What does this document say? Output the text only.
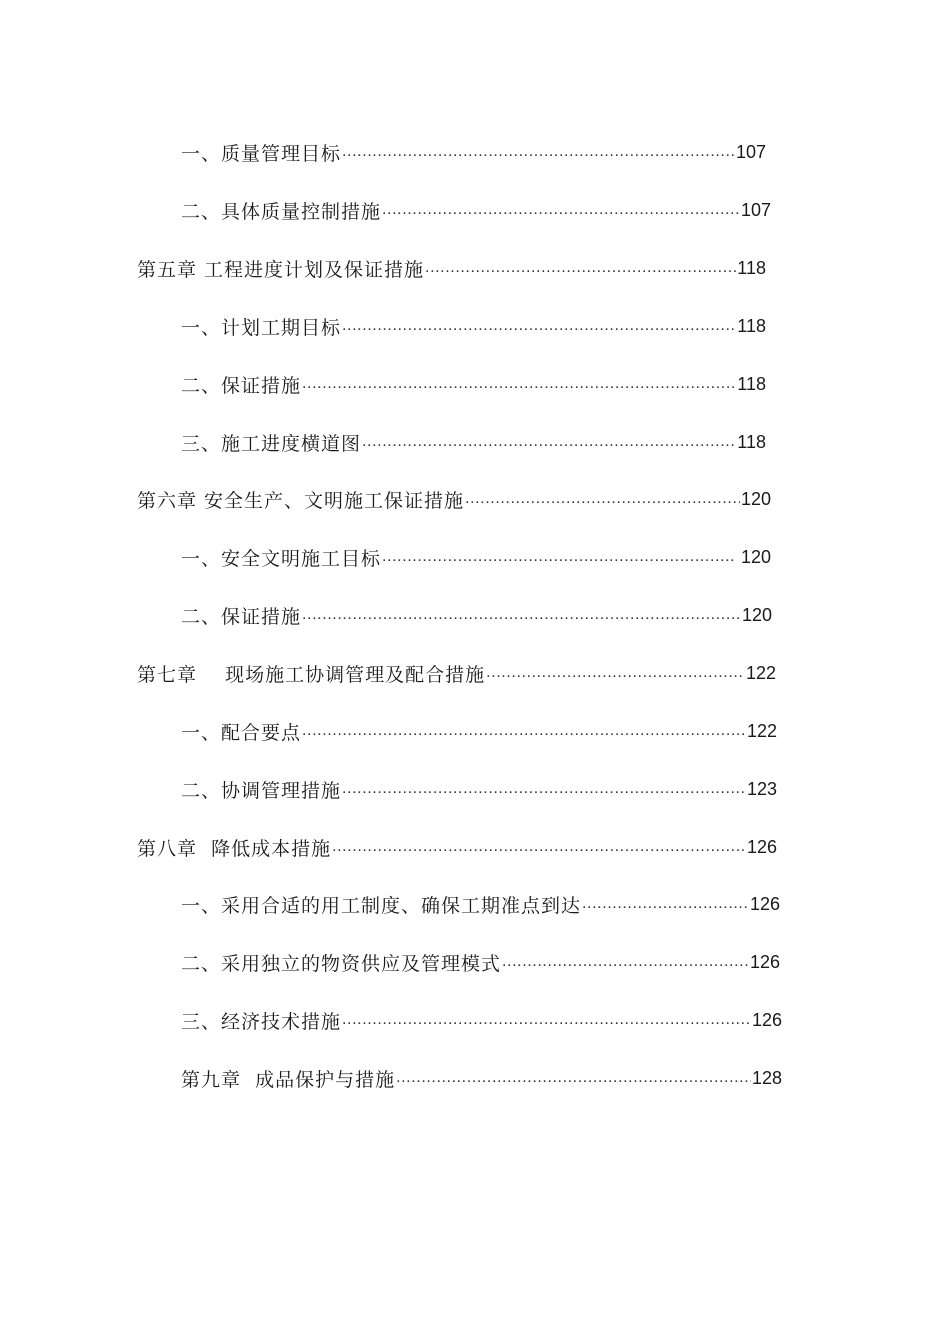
一、质量管理目标 .....	107
二、具体质量控制措施 .....	107
第五章 工程进度计划及保证措施 .....	118
一、计划工期目标 .....	118
二、保证措施 .....	118
三、施工进度横道图 .....	118
第六章 安全生产、文明施工保证措施 .....	120
一、安全文明施工目标 .....	120
二、保证措施 .....	120
第七章    现场施工协调管理及配合措施 .....	122
一、配合要点 .....	122
二、协调管理措施 .....	123
第八章  降低成本措施 .....	126
一、采用合适的用工制度、确保工期准点到达 .....	126
二、采用独立的物资供应及管理模式 .....	126
三、经济技术措施 .....	126
第九章  成品保护与措施 .....	128
